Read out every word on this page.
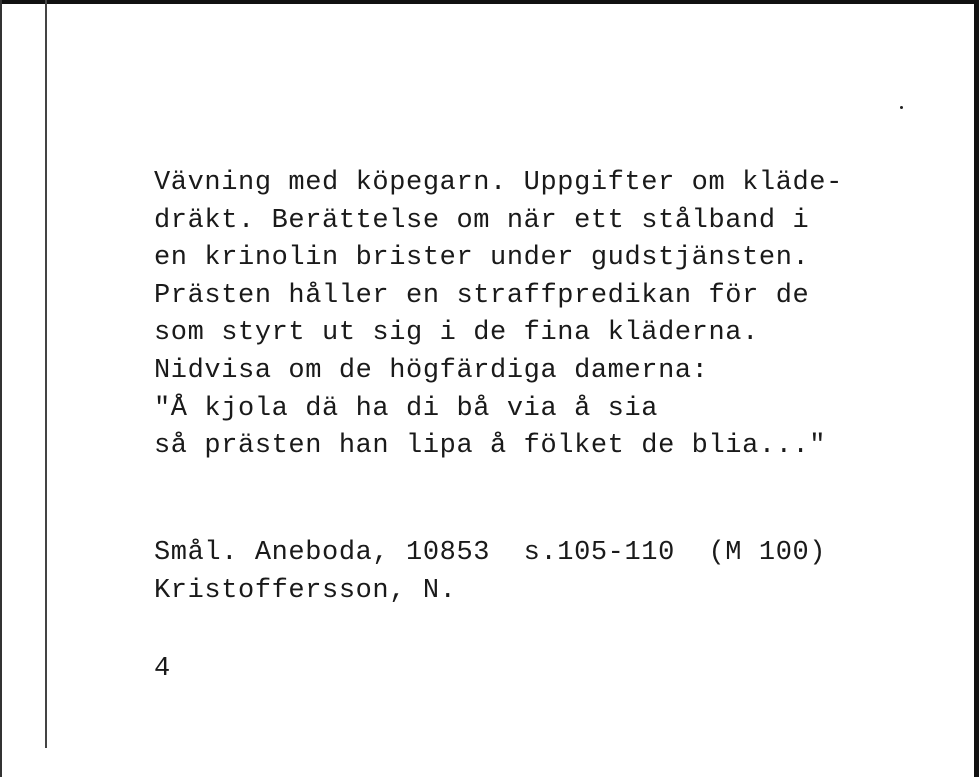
Vävning med köpegarn. Uppgifter om kläde-
dräkt. Berättelse om när ett stålband i
en krinolin brister under gudstjänsten.
Prästen håller en straffpredikan för de
som styrt ut sig i de fina kläderna.
Nidvisa om de högfärdiga damerna:
"Å kjola dä ha di bå via å sia
så prästen han lipa å fölket de blia..."
Smål. Aneboda, 10853  s.105-110  (M 100)
Kristoffersson, N.
4
